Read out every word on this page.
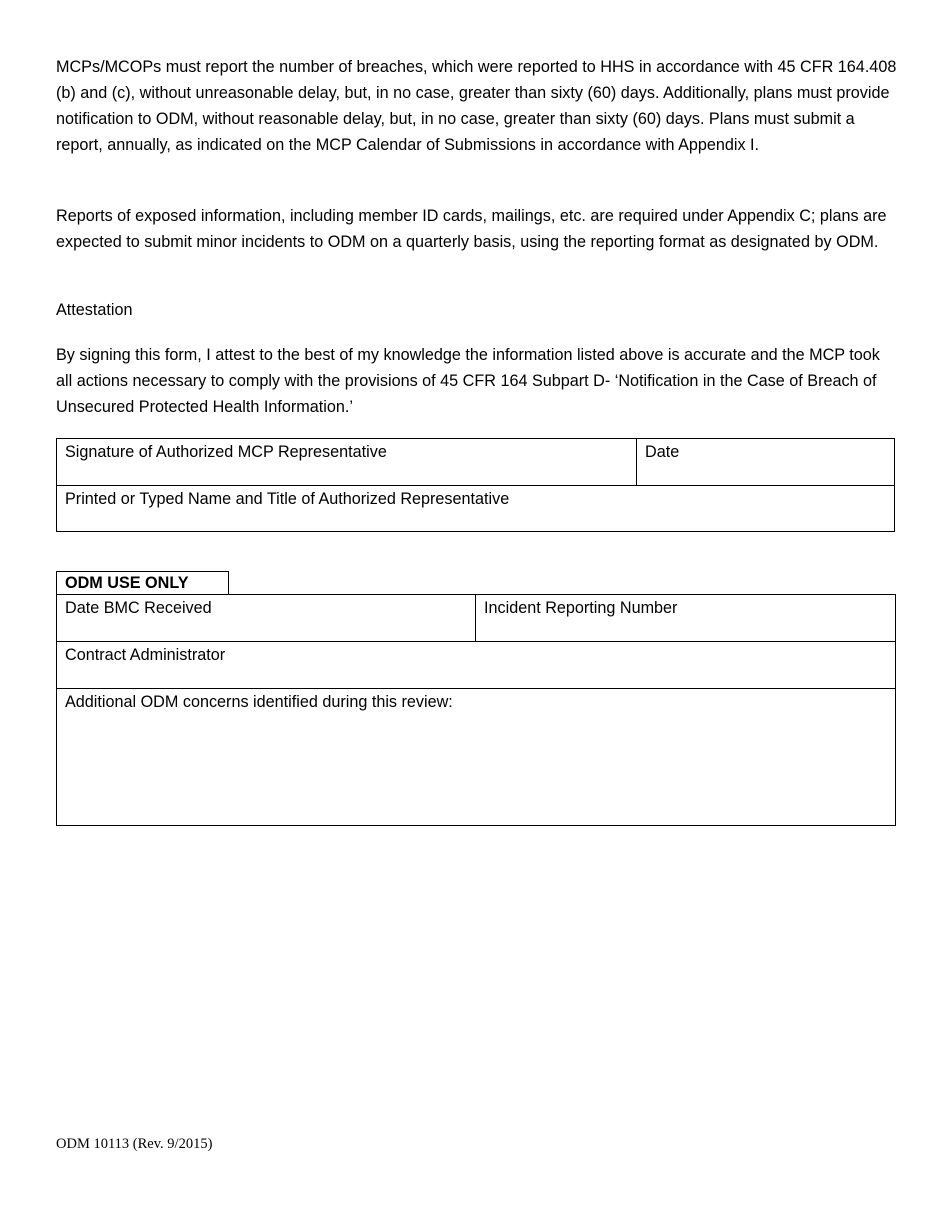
MCPs/MCOPs must report the number of breaches, which were reported to HHS in accordance with 45 CFR 164.408 (b) and (c), without unreasonable delay, but, in no case, greater than sixty (60) days. Additionally, plans must provide notification to ODM, without reasonable delay, but, in no case, greater than sixty (60) days. Plans must submit a report, annually, as indicated on the MCP Calendar of Submissions in accordance with Appendix I.

Reports of exposed information, including member ID cards, mailings, etc. are required under Appendix C; plans are expected to submit minor incidents to ODM on a quarterly basis, using the reporting format as designated by ODM.

Attestation

By signing this form, I attest to the best of my knowledge the information listed above is accurate and the MCP took all actions necessary to comply with the provisions of 45 CFR 164 Subpart D- ‘Notification in the Case of Breach of Unsecured Protected Health Information.’

Signature of Authorized MCP Representative	Date
Printed or Typed Name and Title of Authorized Representative
ODM USE ONLY
Date BMC Received	Incident Reporting Number
Contract Administrator
Additional ODM concerns identified during this review:

ODM 10113 (Rev. 9/2015)
